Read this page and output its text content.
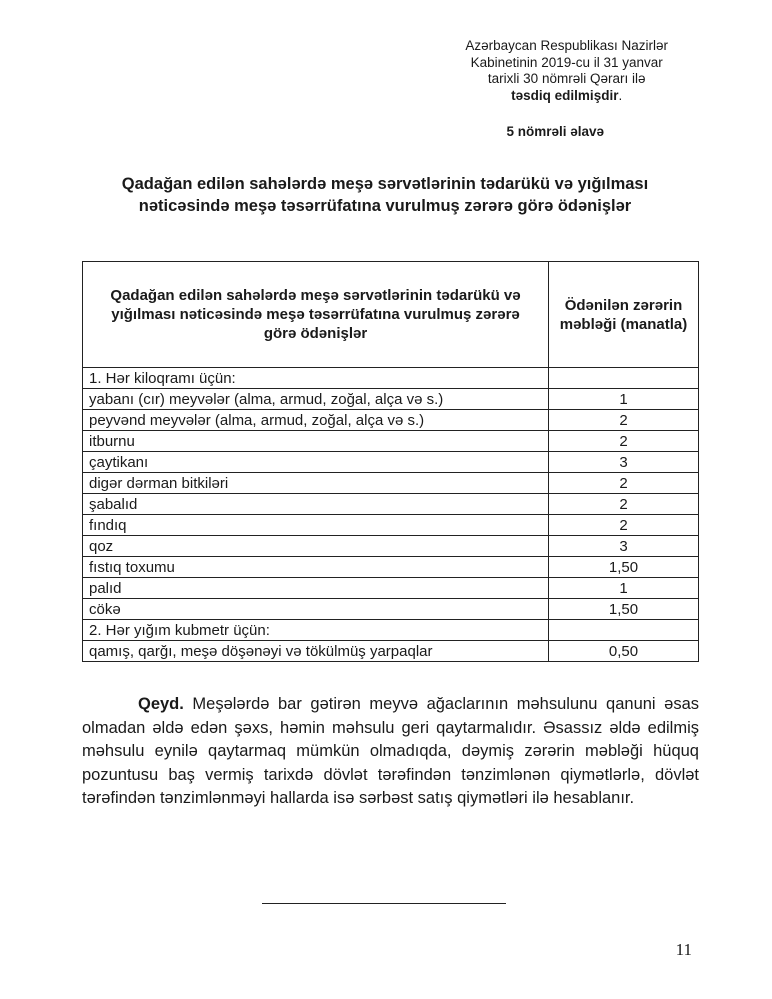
Azərbaycan Respublikası Nazirlər
Kabinetinin 2019-cu il 31 yanvar
tarixli 30 nömrəli Qərarı ilə
təsdiq edilmişdir.
5 nömrəli əlavə
Qadağan edilən sahələrdə meşə sərvətlərinin tədarükü və yığılması nəticəsində meşə təsərrüfatına vurulmuş zərərə görə ödənişlər
Qadağan edilən sahələrdə meşə sərvətlərinin tədarükü və yığılması nəticəsində meşə təsərrüfatına vurulmuş zərərə görə ödənişlər	Ödənilən zərərin məbləği (manatla)
1. Hər kiloqramı üçün:	
yabanı (cır) meyvələr (alma, armud, zoğal, alça və s.)	1
peyvənd meyvələr (alma, armud, zoğal, alça və s.)	2
itburnu	2
çaytikanı	3
digər dərman bitkiləri	2
şabalıd	2
fındıq	2
qoz	3
fıstıq toxumu	1,50
palıd	1
cökə	1,50
2. Hər yığım kubmetr üçün:	
qamış, qarğı, meşə döşənəyi və tökülmüş yarpaqlar	0,50
Qeyd. Meşələrdə bar gətirən meyvə ağaclarının məhsulunu qanuni əsas olmadan əldə edən şəxs, həmin məhsulu geri qaytarmalıdır. Əsassız əldə edilmiş məhsulu eynilə qaytarmaq mümkün olmadıqda, dəymiş zərərin məbləği hüquq pozuntusu baş vermiş tarixdə dövlət tərəfindən tənzimlənən qiymətlərlə, dövlət tərəfindən tənzimlənməyi hallarda isə sərbəst satış qiymətləri ilə hesablanır.
11
